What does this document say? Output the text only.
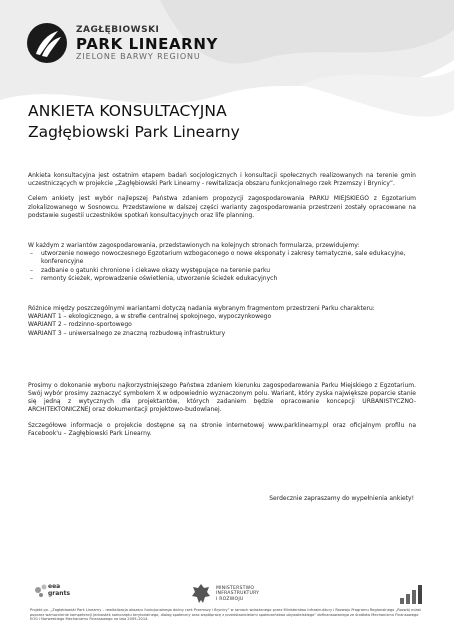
ZAGŁĘBIOWSKI
PARK LINEARNY
ZIELONE BARWY REGIONU
ANKIETA KONSULTACYJNA
Zagłębiowski Park Linearny

Ankieta konsultacyjna jest ostatnim etapem badań socjologicznych i konsultacji społecznych realizowanych na terenie gmin uczestniczących w projekcie „Zagłębiowski Park Linearny - rewitalizacja obszaru funkcjonalnego rzek Przemszy i Brynicy”.

Celem ankiety jest wybór najlepszej Państwa zdaniem propozycji zagospodarowania PARKU MIEJSKIEGO z Egzotarium zlokalizowanego w Sosnowcu. Przedstawione w dalszej części warianty zagospodarowania przestrzeni zostały opracowane na podstawie sugestii uczestników spotkań konsultacyjnych oraz life planning.

W każdym z wariantów zagospodarowania, przedstawionych na kolejnych stronach formularza, przewidujemy:

– utworzenie nowego nowoczesnego Egzotarium wzbogaconego o nowe eksponaty i zakresy tematyczne, sale edukacyjne, konferencyjne
– zadbanie o gatunki chronione i ciekawe okazy występujące na terenie parku
– remonty ścieżek, wprowadzenie oświetlenia, utworzenie ścieżek edukacyjnych

Różnice między poszczególnymi wariantami dotyczą nadania wybranym fragmentom przestrzeni Parku charakteru:

WARIANT 1 – ekologicznego, a w strefie centralnej spokojnego, wypoczynkowego
WARIANT 2 – rodzinno-sportowego
WARIANT 3 – uniwersalnego ze znaczną rozbudową infrastruktury

Prosimy o dokonanie wyboru najkorzystniejszego Państwa zdaniem kierunku zagospodarowania Parku Miejskiego z Egzotarium. Swój wybór prosimy zaznaczyć symbolem X w odpowiednio wyznaczonym polu. Wariant, który zyska największe poparcie stanie się jedną z wytycznych dla projektantów, których zadaniem będzie opracowanie koncepcji URBANISTYCZNO-ARCHITEKTONICZNEJ oraz dokumentacji projektowo-budowlanej.

Szczegółowe informacje o projekcie dostępne są na stronie internetowej www.parklinearny.pl oraz oficjalnym profilu na Facebook'u – Zagłębiowski Park Linearny.

Serdecznie zapraszamy do wypełnienia ankiety!
eea
grants
MINISTERSTWO
INFRASTRUKTURY
I ROZWOJU
Projekt pn. „Zagłębiowski Park Linearny – rewitalizacja obszaru funkcjonalnego doliny rzek Przemszy i Brynicy” w ramach wdrażanego przez Ministerstwo Infrastruktury i Rozwoju Programu Regionalnego „Rozwój miast poprzez wzmocnienie kompetencji jednostek samorządu terytorialnego, dialog społeczny oraz współpracę z przedstawicielami społeczeństwa obywatelskiego” dofinansowanego ze środków Mechanizmu Finansowego EOG i Norweskiego Mechanizmu Finansowego na lata 2009–2014.
